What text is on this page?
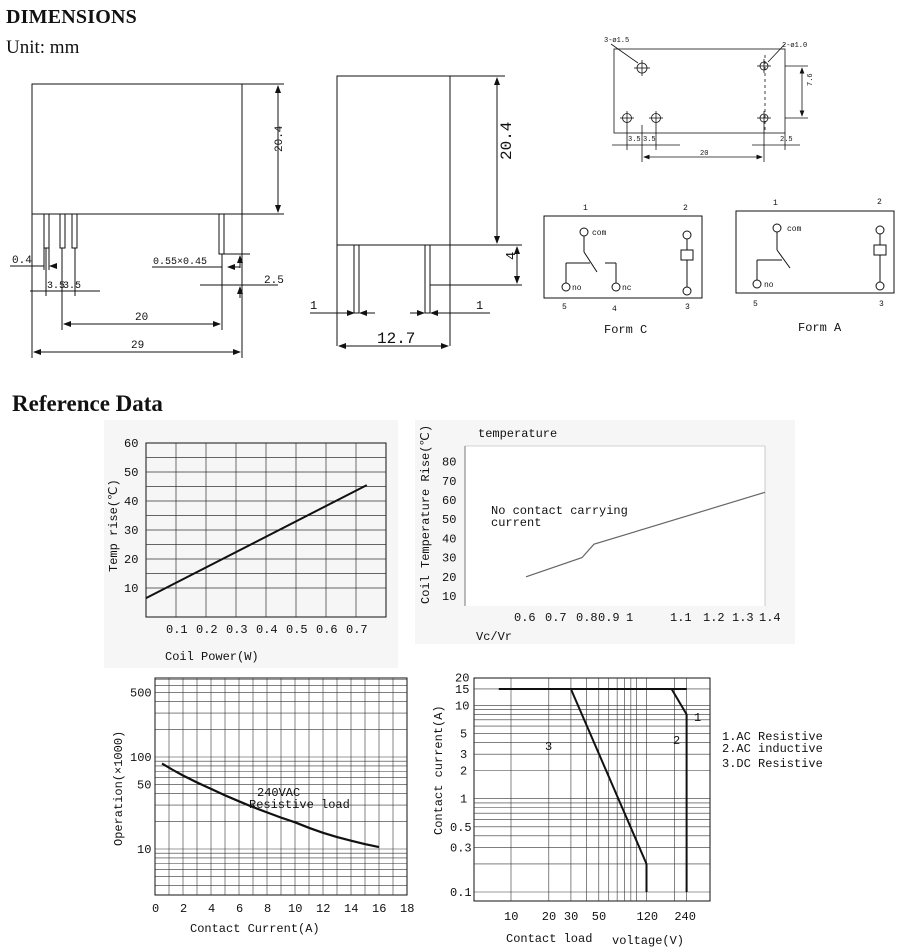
DIMENSIONS
Unit: mm
Reference Data
20.4
0.4
3.5
3.5
0.55×0.45
2.5
20
29
20.4
4
1	1
12.7
3-ø1.5
2-ø1.0
7.6
3.5 3.5
20
2.5
1	2
5	4	3
com
no	nc
Form C
1	2
5	3
com
no
Form A
10
20
30
40
50
60
0.1 0.2 0.3 0.4 0.5 0.6 0.7
Temp rise(℃)
Coil Power(W)
10
20
30
40
50
60
70
80
0.6 0.7 0.8 0.9 1	1.1 1.2 1.3 1.4
temperature
Coil Temperature Rise(℃)
Vc/Vr
No contact carrying
current
500
100
50
10
0 2 4 6 8 10 12 14 16 18
Operation(×1000)
Contact Current(A)
240VAC
Resistive load
20
15
10
5
3
2
1
0.5
0.3
0.1
10 20 30 50	120 240
Contact current(A)
Contact load voltage(V)
1
2
3
1.AC Resistive
2.AC inductive
3.DC Resistive
